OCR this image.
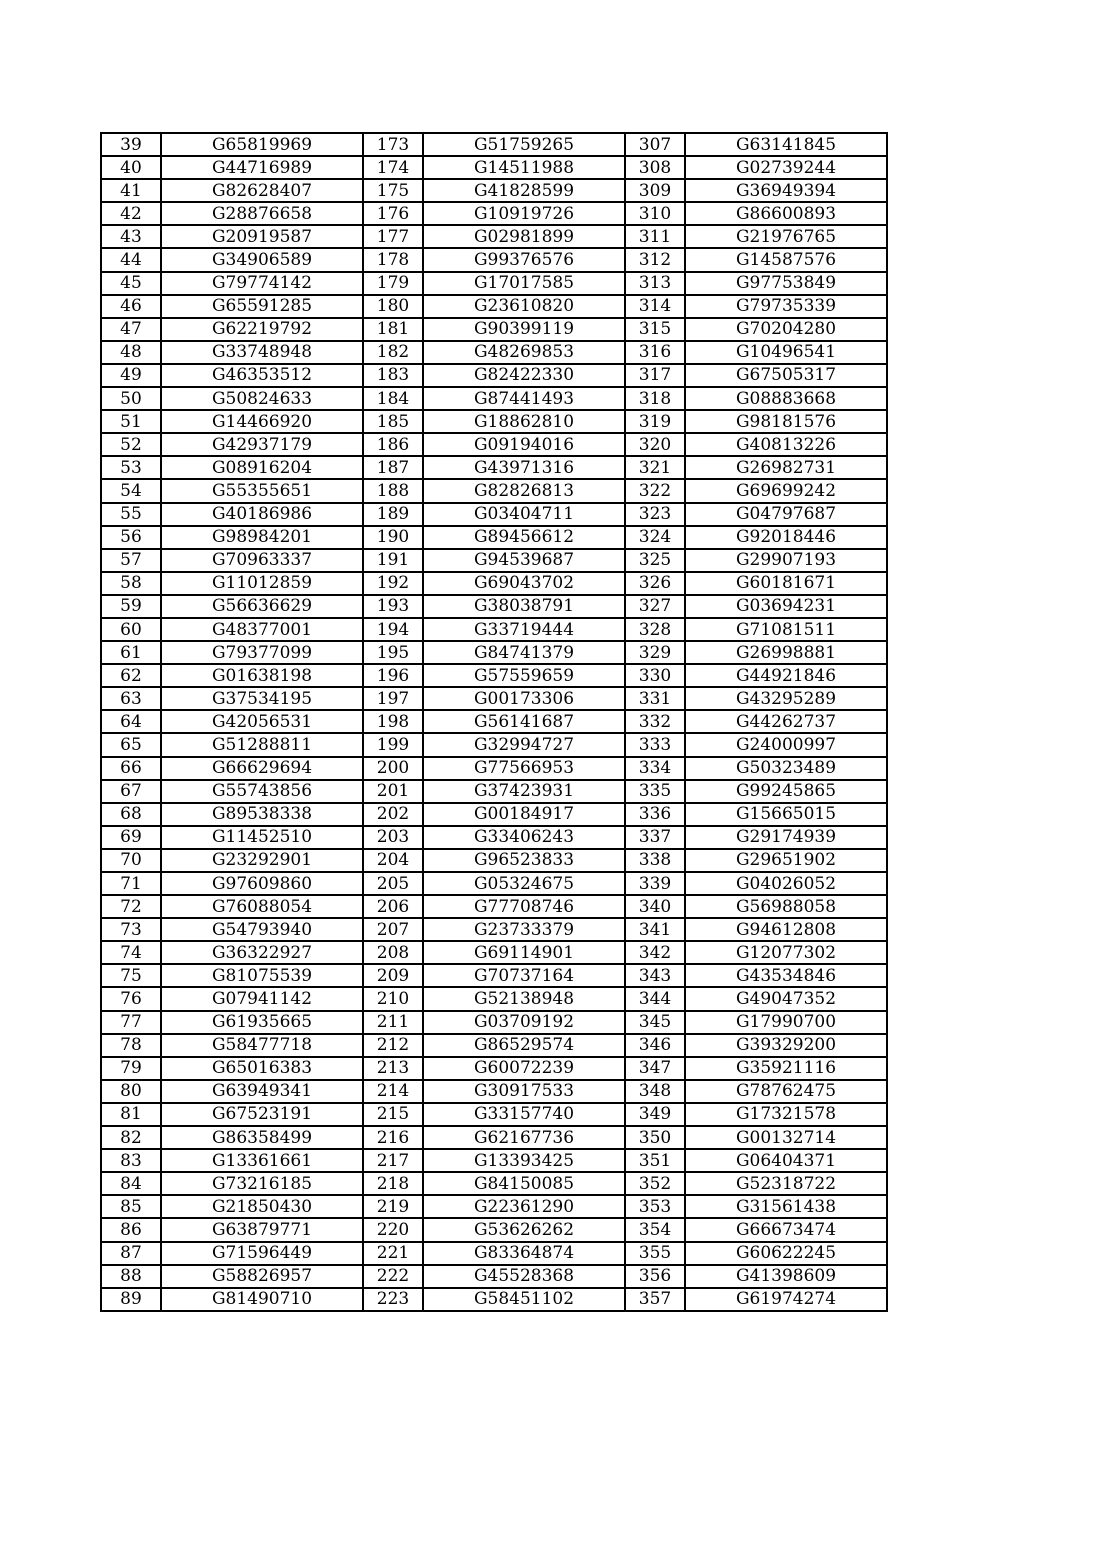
39	G65819969	173	G51759265	307	G63141845
40	G44716989	174	G14511988	308	G02739244
41	G82628407	175	G41828599	309	G36949394
42	G28876658	176	G10919726	310	G86600893
43	G20919587	177	G02981899	311	G21976765
44	G34906589	178	G99376576	312	G14587576
45	G79774142	179	G17017585	313	G97753849
46	G65591285	180	G23610820	314	G79735339
47	G62219792	181	G90399119	315	G70204280
48	G33748948	182	G48269853	316	G10496541
49	G46353512	183	G82422330	317	G67505317
50	G50824633	184	G87441493	318	G08883668
51	G14466920	185	G18862810	319	G98181576
52	G42937179	186	G09194016	320	G40813226
53	G08916204	187	G43971316	321	G26982731
54	G55355651	188	G82826813	322	G69699242
55	G40186986	189	G03404711	323	G04797687
56	G98984201	190	G89456612	324	G92018446
57	G70963337	191	G94539687	325	G29907193
58	G11012859	192	G69043702	326	G60181671
59	G56636629	193	G38038791	327	G03694231
60	G48377001	194	G33719444	328	G71081511
61	G79377099	195	G84741379	329	G26998881
62	G01638198	196	G57559659	330	G44921846
63	G37534195	197	G00173306	331	G43295289
64	G42056531	198	G56141687	332	G44262737
65	G51288811	199	G32994727	333	G24000997
66	G66629694	200	G77566953	334	G50323489
67	G55743856	201	G37423931	335	G99245865
68	G89538338	202	G00184917	336	G15665015
69	G11452510	203	G33406243	337	G29174939
70	G23292901	204	G96523833	338	G29651902
71	G97609860	205	G05324675	339	G04026052
72	G76088054	206	G77708746	340	G56988058
73	G54793940	207	G23733379	341	G94612808
74	G36322927	208	G69114901	342	G12077302
75	G81075539	209	G70737164	343	G43534846
76	G07941142	210	G52138948	344	G49047352
77	G61935665	211	G03709192	345	G17990700
78	G58477718	212	G86529574	346	G39329200
79	G65016383	213	G60072239	347	G35921116
80	G63949341	214	G30917533	348	G78762475
81	G67523191	215	G33157740	349	G17321578
82	G86358499	216	G62167736	350	G00132714
83	G13361661	217	G13393425	351	G06404371
84	G73216185	218	G84150085	352	G52318722
85	G21850430	219	G22361290	353	G31561438
86	G63879771	220	G53626262	354	G66673474
87	G71596449	221	G83364874	355	G60622245
88	G58826957	222	G45528368	356	G41398609
89	G81490710	223	G58451102	357	G61974274
